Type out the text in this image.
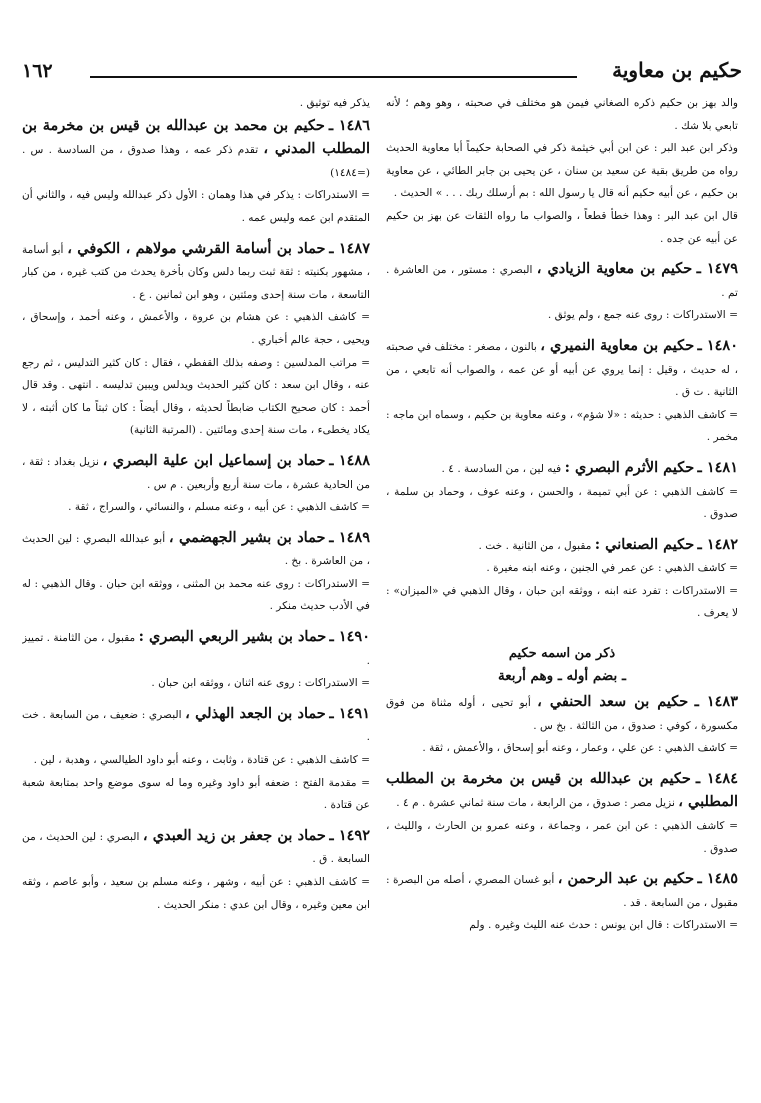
حكيم بن معاوية
١٦٢

والد بهز بن حكيم ذكره الصغاني فيمن هو مختلف في صحبته ، وهو وهم ؛ لأنه تابعي بلا شك .

وذكر ابن عبد البر : عن ابن أبي خيثمة ذكر في الصحابة حكيماً أبا معاوية الحديث رواه من طريق بقية عن سعيد بن سنان ، عن يحيى بن جابر الطائي ، عن معاوية بن حكيم ، عن أبيه حكيم أنه قال يا رسول الله : بم أرسلك ربك . . . » الحديث .

قال ابن عبد البر : وهذا خطأ قطعاً ، والصواب ما رواه الثقات عن بهز بن حكيم عن أبيه عن جده .

١٤٧٩ ـ حكيم بن معاوية الزيادي ، البصري : مستور ، من العاشرة . تم .

= الاستدراكات : روى عنه جمع ، ولم يوثق .

١٤٨٠ ـ حكيم بن معاوية النميري ، بالنون ، مصغر : مختلف في صحبته ، له حديث ، وقيل : إنما يروي عن أبيه أو عن عمه ، والصواب أنه تابعي ، من الثانية . ت ق .

= كاشف الذهبي : حديثه : «لا شؤم» ، وعنه معاوية بن حكيم ، وسماه ابن ماجه : مخمر .

١٤٨١ ـ حكيم الأثرم البصري : فيه لين ، من السادسة . ٤ .

= كاشف الذهبي : عن أبي تميمة ، والحسن ، وعنه عوف ، وحماد بن سلمة ، صدوق .

١٤٨٢ ـ حكيم الصنعاني : مقبول ، من الثانية . خت .

= كاشف الذهبي : عن عمر في الجنين ، وعنه ابنه مغيرة .

= الاستدراكات : تفرد عنه ابنه ، ووثقه ابن حبان ، وقال الذهبي في «الميزان» : لا يعرف .

ذكر من اسمه حكيم
ـ بضم أوله ـ وهم أربعة

١٤٨٣ ـ حكيم بن سعد الحنفي ، أبو تحيى ، أوله مثناة من فوق مكسورة ، كوفي : صدوق ، من الثالثة . بخ س .

= كاشف الذهبي : عن علي ، وعمار ، وعنه أبو إسحاق ، والأعمش ، ثقة .

١٤٨٤ ـ حكيم بن عبدالله بن قيس بن مخرمة بن المطلب المطلبي ، نزيل مصر : صدوق ، من الرابعة ، مات سنة ثماني عشرة . م ٤ .

= كاشف الذهبي : عن ابن عمر ، وجماعة ، وعنه عمرو بن الحارث ، والليث ، صدوق .

١٤٨٥ ـ حكيم بن عبد الرحمن ، أبو غسان المصري ، أصله من البصرة : مقبول ، من السابعة . قد .

= الاستدراكات : قال ابن يونس : حدث عنه الليث وغيره . ولم

يذكر فيه توثيق .

١٤٨٦ ـ حكيم بن محمد بن عبدالله بن قيس بن مخرمة بن المطلب المدني ، تقدم ذكر عمه ، وهذا صدوق ، من السادسة . س . (=١٤٨٤)

= الاستدراكات : يذكر في هذا وهمان : الأول ذكر عبدالله وليس فيه ، والثاني أن المتقدم ابن عمه وليس عمه .

١٤٨٧ ـ حماد بن أسامة القرشي مولاهم ، الكوفي ، أبو أسامة ، مشهور بكنيته : ثقة ثبت ربما دلس وكان بأخرة يحدث من كتب غيره ، من كبار التاسعة ، مات سنة إحدى ومئتين ، وهو ابن ثمانين . ع .

= كاشف الذهبي : عن هشام بن عروة ، والأعمش ، وعنه أحمد ، وإسحاق ، ويحيى ، حجة عالم أخباري .

= مراتب المدلسين : وصفه بذلك القفطي ، فقال : كان كثير التدليس ، ثم رجع عنه ، وقال ابن سعد : كان كثير الحديث ويدلس ويبين تدليسه . انتهى . وقد قال أحمد : كان صحيح الكتاب ضابطاً لحديثه ، وقال أيضاً : كان ثبتاً ما كان أثبته ، لا يكاد يخطىء ، مات سنة إحدى ومائتين . (المرتبة الثانية)

١٤٨٨ ـ حماد بن إسماعيل ابن علية البصري ، نزيل بغداد : ثقة ، من الحادية عشرة ، مات سنة أربع وأربعين . م س .

= كاشف الذهبي : عن أبيه ، وعنه مسلم ، والنسائي ، والسراج ، ثقة .

١٤٨٩ ـ حماد بن بشير الجهضمي ، أبو عبدالله البصري : لين الحديث ، من العاشرة . بخ .

= الاستدراكات : روى عنه محمد بن المثنى ، ووثقه ابن حبان . وقال الذهبي : له في الأدب حديث منكر .

١٤٩٠ ـ حماد بن بشير الربعي البصري : مقبول ، من الثامنة . تمييز .

= الاستدراكات : روى عنه اثنان ، ووثقه ابن حبان .

١٤٩١ ـ حماد بن الجعد الهذلي ، البصري : ضعيف ، من السابعة . خت .

= كاشف الذهبي : عن قتادة ، وثابت ، وعنه أبو داود الطيالسي ، وهدبة ، لين .

= مقدمة الفتح : ضعفه أبو داود وغيره وما له سوى موضع واحد بمتابعة شعبة عن قتادة .

١٤٩٢ ـ حماد بن جعفر بن زيد العبدي ، البصري : لين الحديث ، من السابعة . ق .

= كاشف الذهبي : عن أبيه ، وشهر ، وعنه مسلم بن سعيد ، وأبو عاصم ، وثقه ابن معين وغيره ، وقال ابن عدي : منكر الحديث .
